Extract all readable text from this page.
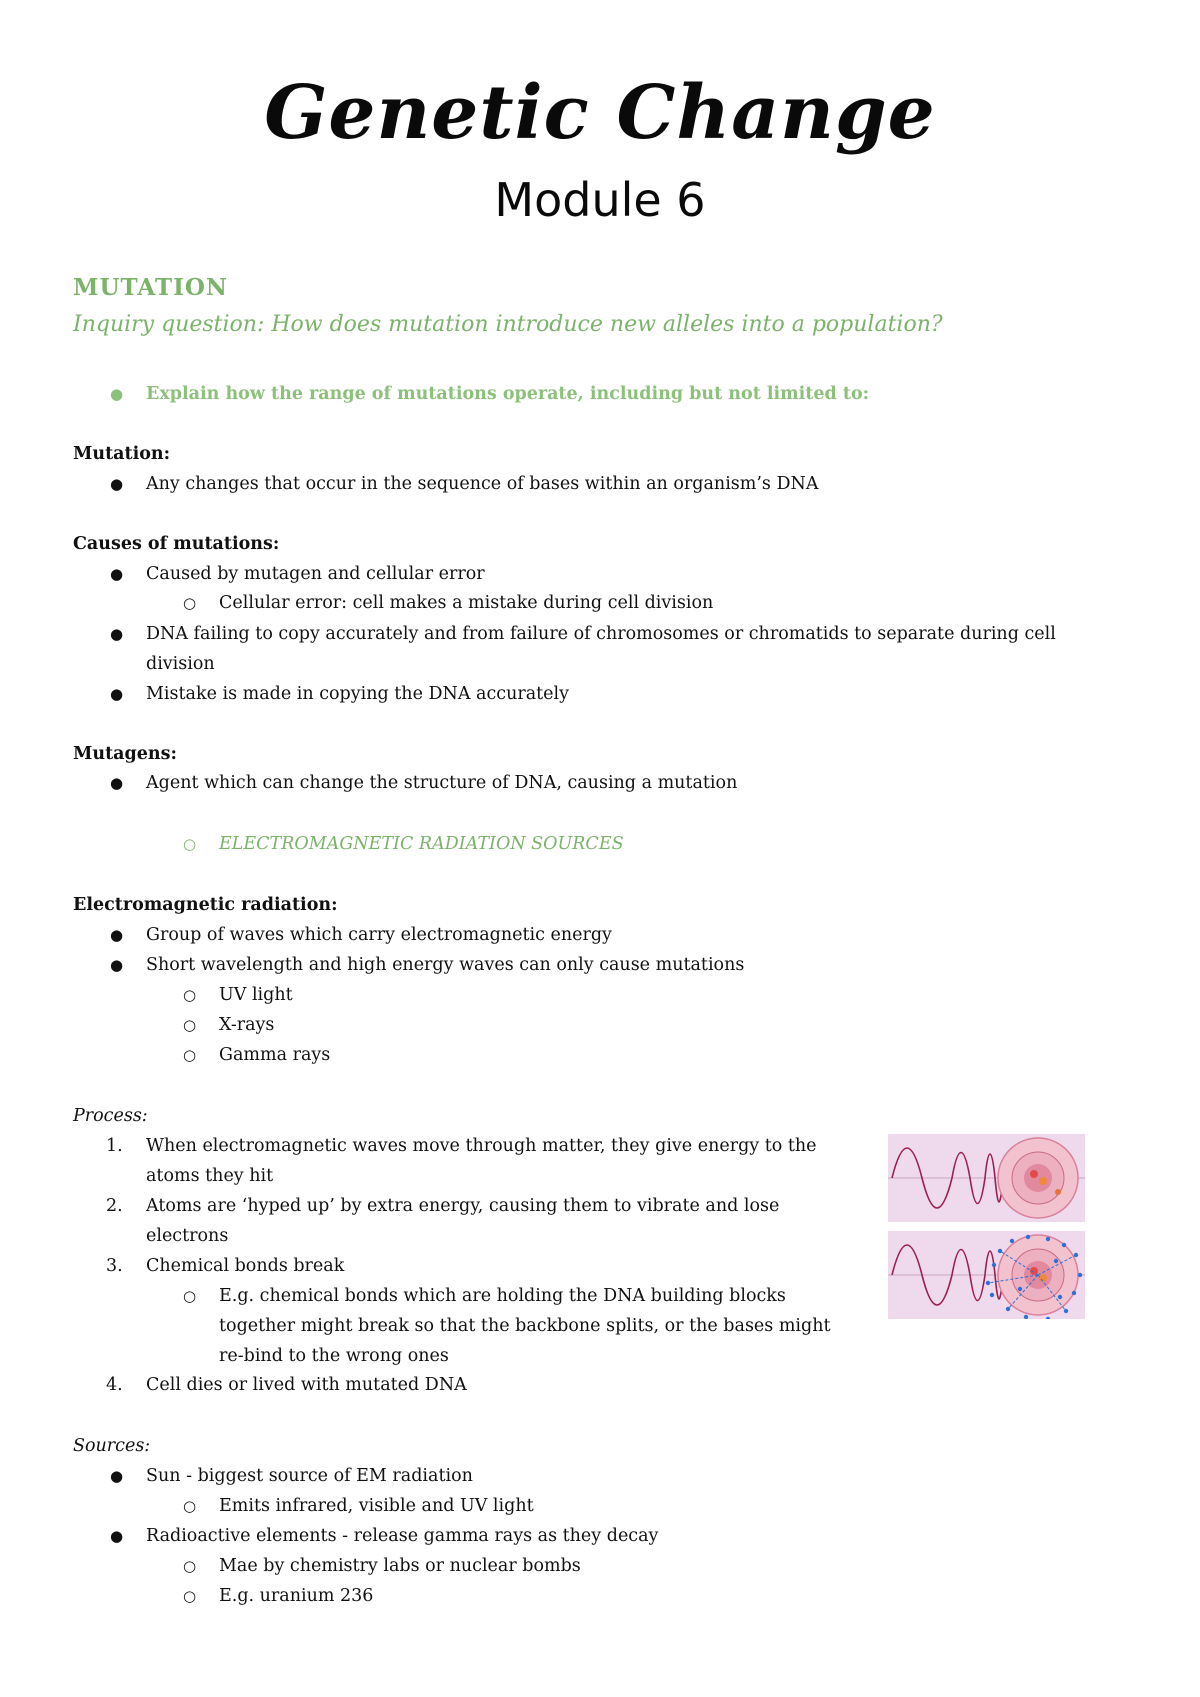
Genetic Change
Module 6
MUTATION
Inquiry question: How does mutation introduce new alleles into a population?
● Explain how the range of mutations operate, including but not limited to:
Mutation:
● Any changes that occur in the sequence of bases within an organism’s DNA
Causes of mutations:
● Caused by mutagen and cellular error
○ Cellular error: cell makes a mistake during cell division
● DNA failing to copy accurately and from failure of chromosomes or chromatids to separate during cell
division
● Mistake is made in copying the DNA accurately
Mutagens:
● Agent which can change the structure of DNA, causing a mutation
○ ELECTROMAGNETIC RADIATION SOURCES
Electromagnetic radiation:
● Group of waves which carry electromagnetic energy
● Short wavelength and high energy waves can only cause mutations
○ UV light
○ X-rays
○ Gamma rays
Process:
1. When electromagnetic waves move through matter, they give energy to the
atoms they hit
2. Atoms are ‘hyped up’ by extra energy, causing them to vibrate and lose
electrons
3. Chemical bonds break
○ E.g. chemical bonds which are holding the DNA building blocks
together might break so that the backbone splits, or the bases might
re-bind to the wrong ones
4. Cell dies or lived with mutated DNA
Sources:
● Sun - biggest source of EM radiation
○ Emits infrared, visible and UV light
● Radioactive elements - release gamma rays as they decay
○ Mae by chemistry labs or nuclear bombs
○ E.g. uranium 236
